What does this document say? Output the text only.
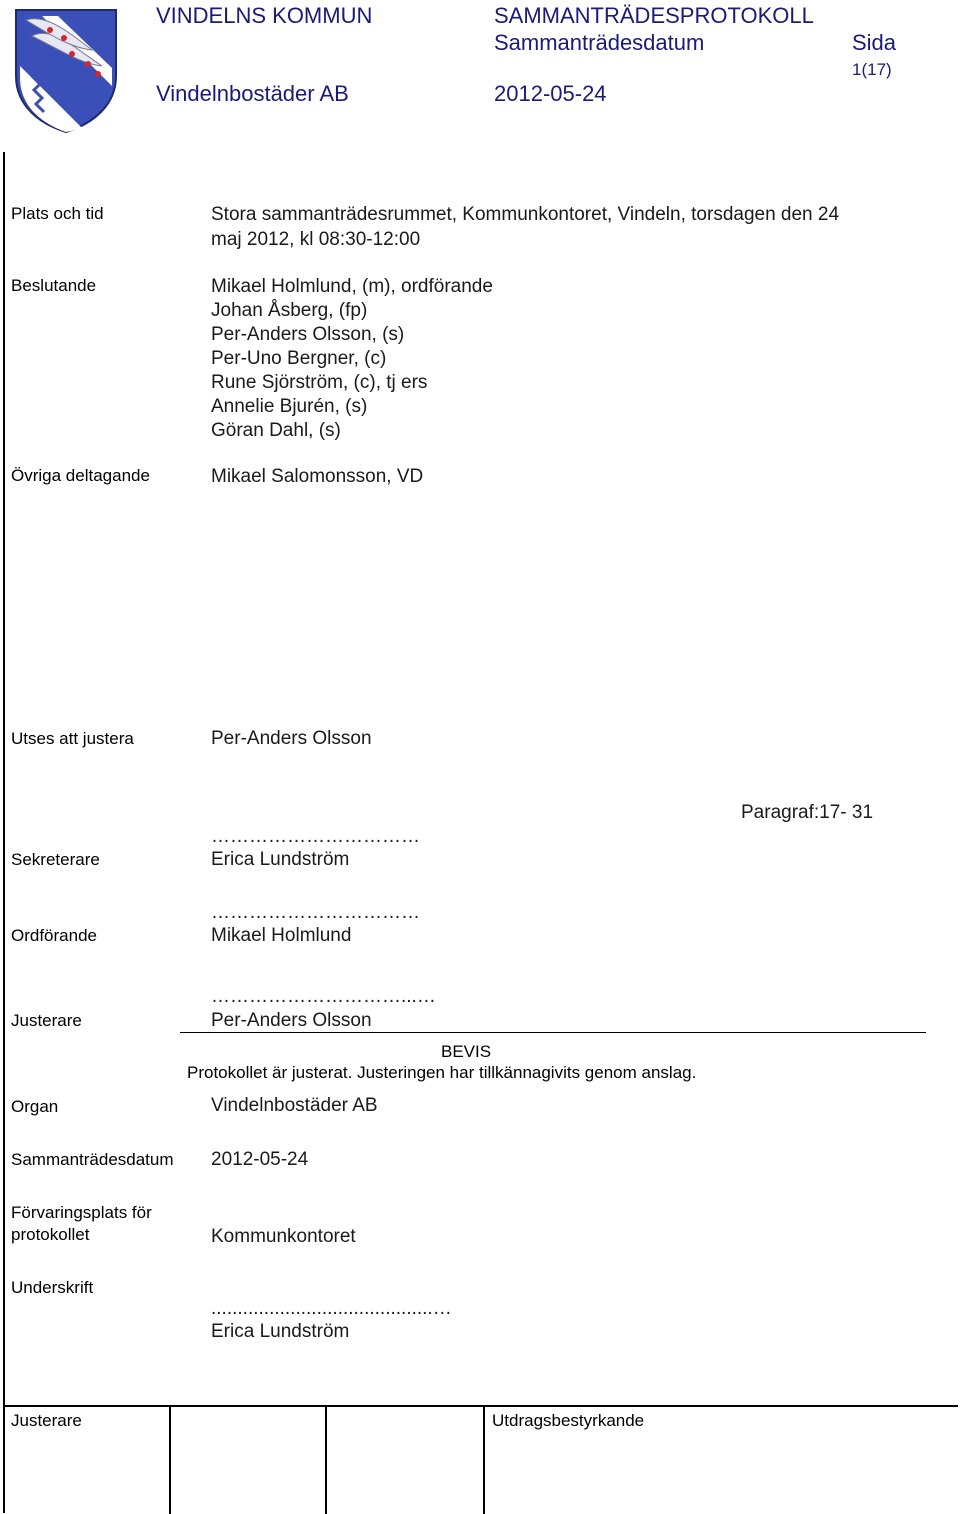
VINDELNS KOMMUN	SAMMANTRÄDESPROTOKOLL
Sammanträdesdatum	Sida
1(17)
Vindelnbostäder AB	2012-05-24
Plats och tid	Stora sammanträdesrummet, Kommunkontoret, Vindeln, torsdagen den 24
maj 2012, kl 08:30-12:00
Beslutande	Mikael Holmlund, (m), ordförande
Johan Åsberg, (fp)
Per-Anders Olsson, (s)
Per-Uno Bergner, (c)
Rune Sjörström, (c), tj ers
Annelie Bjurén, (s)
Göran Dahl, (s)
Övriga deltagande	Mikael Salomonsson, VD
Utses att justera	Per-Anders Olsson
Paragraf:17- 31
……………………………
Sekreterare	Erica Lundström
……………………………
Ordförande	Mikael Holmlund
…………………………...…
Justerare	Per-Anders Olsson
BEVIS
Protokollet är justerat. Justeringen har tillkännagivits genom anslag.
Organ	Vindelnbostäder AB
Sammanträdesdatum 2012-05-24
Förvaringsplats för
protokollet	Kommunkontoret
Underskrift
..........................................…
Erica Lundström
Justerare	Utdragsbestyrkande
